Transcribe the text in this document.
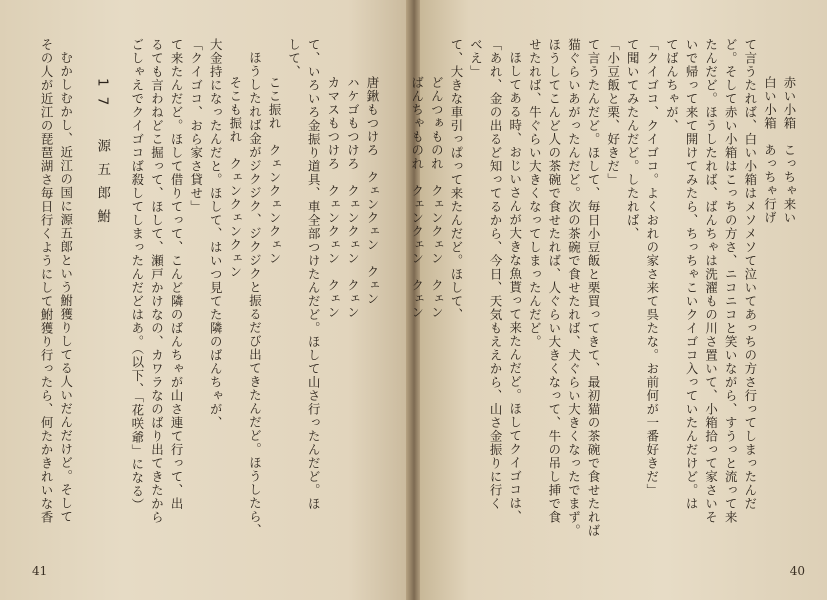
唐鍬もつけろ　クェンクェン　クェン
ハケゴもつけろ　クェンクェン　クェン
カマスもつけろ　クェンクェン　クェン
て、いろいろ金振り道具、車全部つけたんだど。ほして山さ行ったんだど。ほ
して、
ここ振れ　クェンクェンクェン
ほうしたれば金がジクジク、ジクジクと振るだび出てきたんだど。ほうしたら、
そこも振れ　クェンクェンクェン
大金持になったんだと。ほして、はいつ見てた隣のばんちゃが、
「クイゴコ、おら家さ貸せ」
て来たんだど。ほして借りてって、こんど隣のばんちゃが山さ連て行って、出
るても言わねどこ掘って、ほして、瀬戸かけなの、カワラなのばり出てきたから
ごしゃえでクイゴコば殺してしまったんだどはあ。（以下、「花咲爺」になる）
17　源五郎鮒
むかしむかし、近江の国に源五郎という鮒獲りしてる人いだんだけど。そして
その人が近江の琵琶湖さ毎日行くようにして鮒獲り行ったら、何たかきれいな香
41
赤い小箱　こっちゃ来い
白い小箱　あっちゃ行げ
て言うたれば、白い小箱はメソメソて泣いてあっちの方さ行ってしまったんだ
ど。そして赤い小箱はこっちの方さ、ニコニコと笑いながら、すうっと流って来
たんだど。ほうしたれば、ばんちゃは洗濯もの川さ置いて、小箱拾って家さいそ
いで帰って来て開けてみたら、ちっちゃこいクイゴコ入っていたんだけど。は
てばんちゃが、
「クイゴコ、クイゴコ。よくおれの家さ来て呉たな。お前何が一番好きだ」
て聞いてみたんだど。したれば、
「小豆飯と栗、好きだ」
て言うたんだど。ほして、毎日小豆飯と栗買ってきて、最初猫の茶碗で食せたれば
猫ぐらいあがったんだど。次の茶碗で食せたれば、犬ぐらい大きくなったでまず。
ほうしてこんど人の茶碗で食せたれば、人ぐらい大きくなって、牛の吊し挿で食
せたれば、牛ぐらい大きくなってしまったんだど。
ほしてある時、おじいさんが大きな魚貰って来たんだど。ほしてクイゴコは、
「あれ、金の出るど知ってるから、今日、天気もええから、山さ金振りに行く
べえ」
て、大きな車引っぱって来たんだど。ほして、
どんつぁものれ　クェンクェン　クェン
ばんちゃものれ　クェンクェン　クェン
40
